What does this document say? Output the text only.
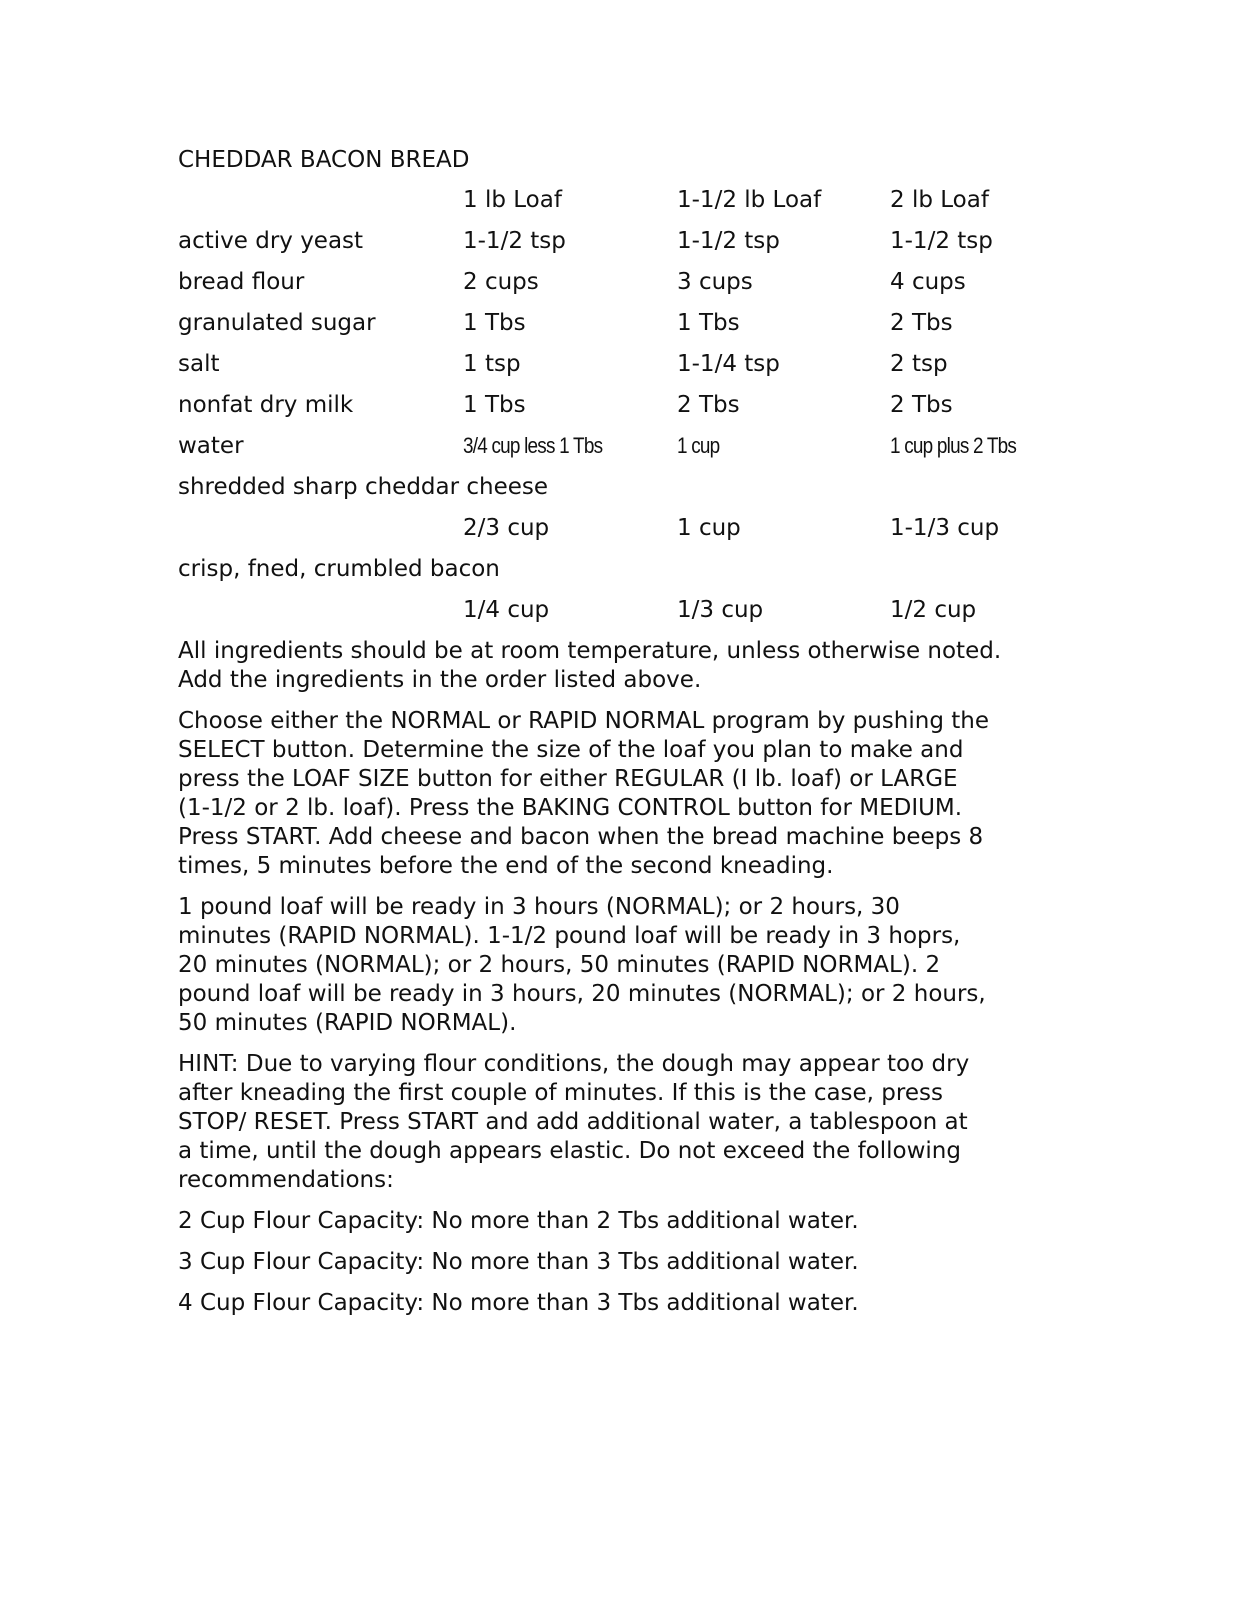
CHEDDAR BACON BREAD
1 lb Loaf	1-1/2 lb Loaf	2 lb Loaf
active dry yeast	1-1/2 tsp	1-1/2 tsp	1-1/2 tsp
bread flour	2 cups	3 cups	4 cups
granulated sugar	1 Tbs	1 Tbs	2 Tbs
salt	1 tsp	1-1/4 tsp	2 tsp
nonfat dry milk	1 Tbs	2 Tbs	2 Tbs
water	3/4 cup less 1 Tbs	1 cup	1 cup plus 2 Tbs
shredded sharp cheddar cheese
2/3 cup	1 cup	1-1/3 cup
crisp, fned, crumbled bacon
1/4 cup	1/3 cup	1/2 cup
All ingredients should be at room temperature, unless otherwise noted.
Add the ingredients in the order listed above.
Choose either the NORMAL or RAPID NORMAL program by pushing the
SELECT button. Determine the size of the loaf you plan to make and
press the LOAF SIZE button for either REGULAR (I lb. loaf) or LARGE
(1-1/2 or 2 lb. loaf). Press the BAKING CONTROL button for MEDIUM.
Press START. Add cheese and bacon when the bread machine beeps 8
times, 5 minutes before the end of the second kneading.
1 pound loaf will be ready in 3 hours (NORMAL); or 2 hours, 30
minutes (RAPID NORMAL). 1-1/2 pound loaf will be ready in 3 hoprs,
20 minutes (NORMAL); or 2 hours, 50 minutes (RAPID NORMAL). 2
pound loaf will be ready in 3 hours, 20 minutes (NORMAL); or 2 hours,
50 minutes (RAPID NORMAL).
HINT: Due to varying flour conditions, the dough may appear too dry
after kneading the first couple of minutes. If this is the case, press
STOP/ RESET. Press START and add additional water, a tablespoon at
a time, until the dough appears elastic. Do not exceed the following
recommendations:
2 Cup Flour Capacity: No more than 2 Tbs additional water.
3 Cup Flour Capacity: No more than 3 Tbs additional water.
4 Cup Flour Capacity: No more than 3 Tbs additional water.
